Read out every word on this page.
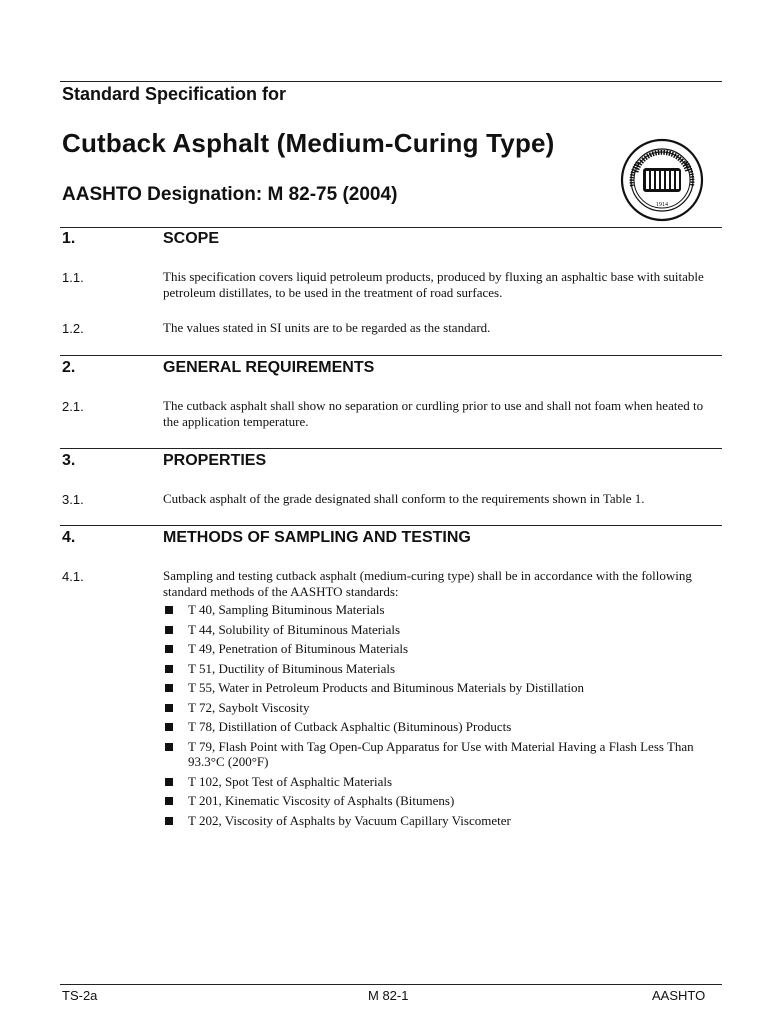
Standard Specification for
Cutback Asphalt (Medium-Curing Type)
AASHTO Designation: M 82-75 (2004)	1914
1.	SCOPE
1.1.	This specification covers liquid petroleum products, produced by fluxing an asphaltic base with suitable petroleum distillates, to be used in the treatment of road surfaces.
1.2.	The values stated in SI units are to be regarded as the standard.
2.	GENERAL REQUIREMENTS
2.1.	The cutback asphalt shall show no separation or curdling prior to use and shall not foam when heated to the application temperature.
3.	PROPERTIES
3.1.	Cutback asphalt of the grade designated shall conform to the requirements shown in Table 1.
4.	METHODS OF SAMPLING AND TESTING
4.1.	Sampling and testing cutback asphalt (medium-curing type) shall be in accordance with the following standard methods of the AASHTO standards:
T 40, Sampling Bituminous Materials
T 44, Solubility of Bituminous Materials
T 49, Penetration of Bituminous Materials
T 51, Ductility of Bituminous Materials
T 55, Water in Petroleum Products and Bituminous Materials by Distillation
T 72, Saybolt Viscosity
T 78, Distillation of Cutback Asphaltic (Bituminous) Products
T 79, Flash Point with Tag Open-Cup Apparatus for Use with Material Having a Flash Less Than 93.3°C (200°F)
T 102, Spot Test of Asphaltic Materials
T 201, Kinematic Viscosity of Asphalts (Bitumens)
T 202, Viscosity of Asphalts by Vacuum Capillary Viscometer
TS-2a	M 82-1	AASHTO
